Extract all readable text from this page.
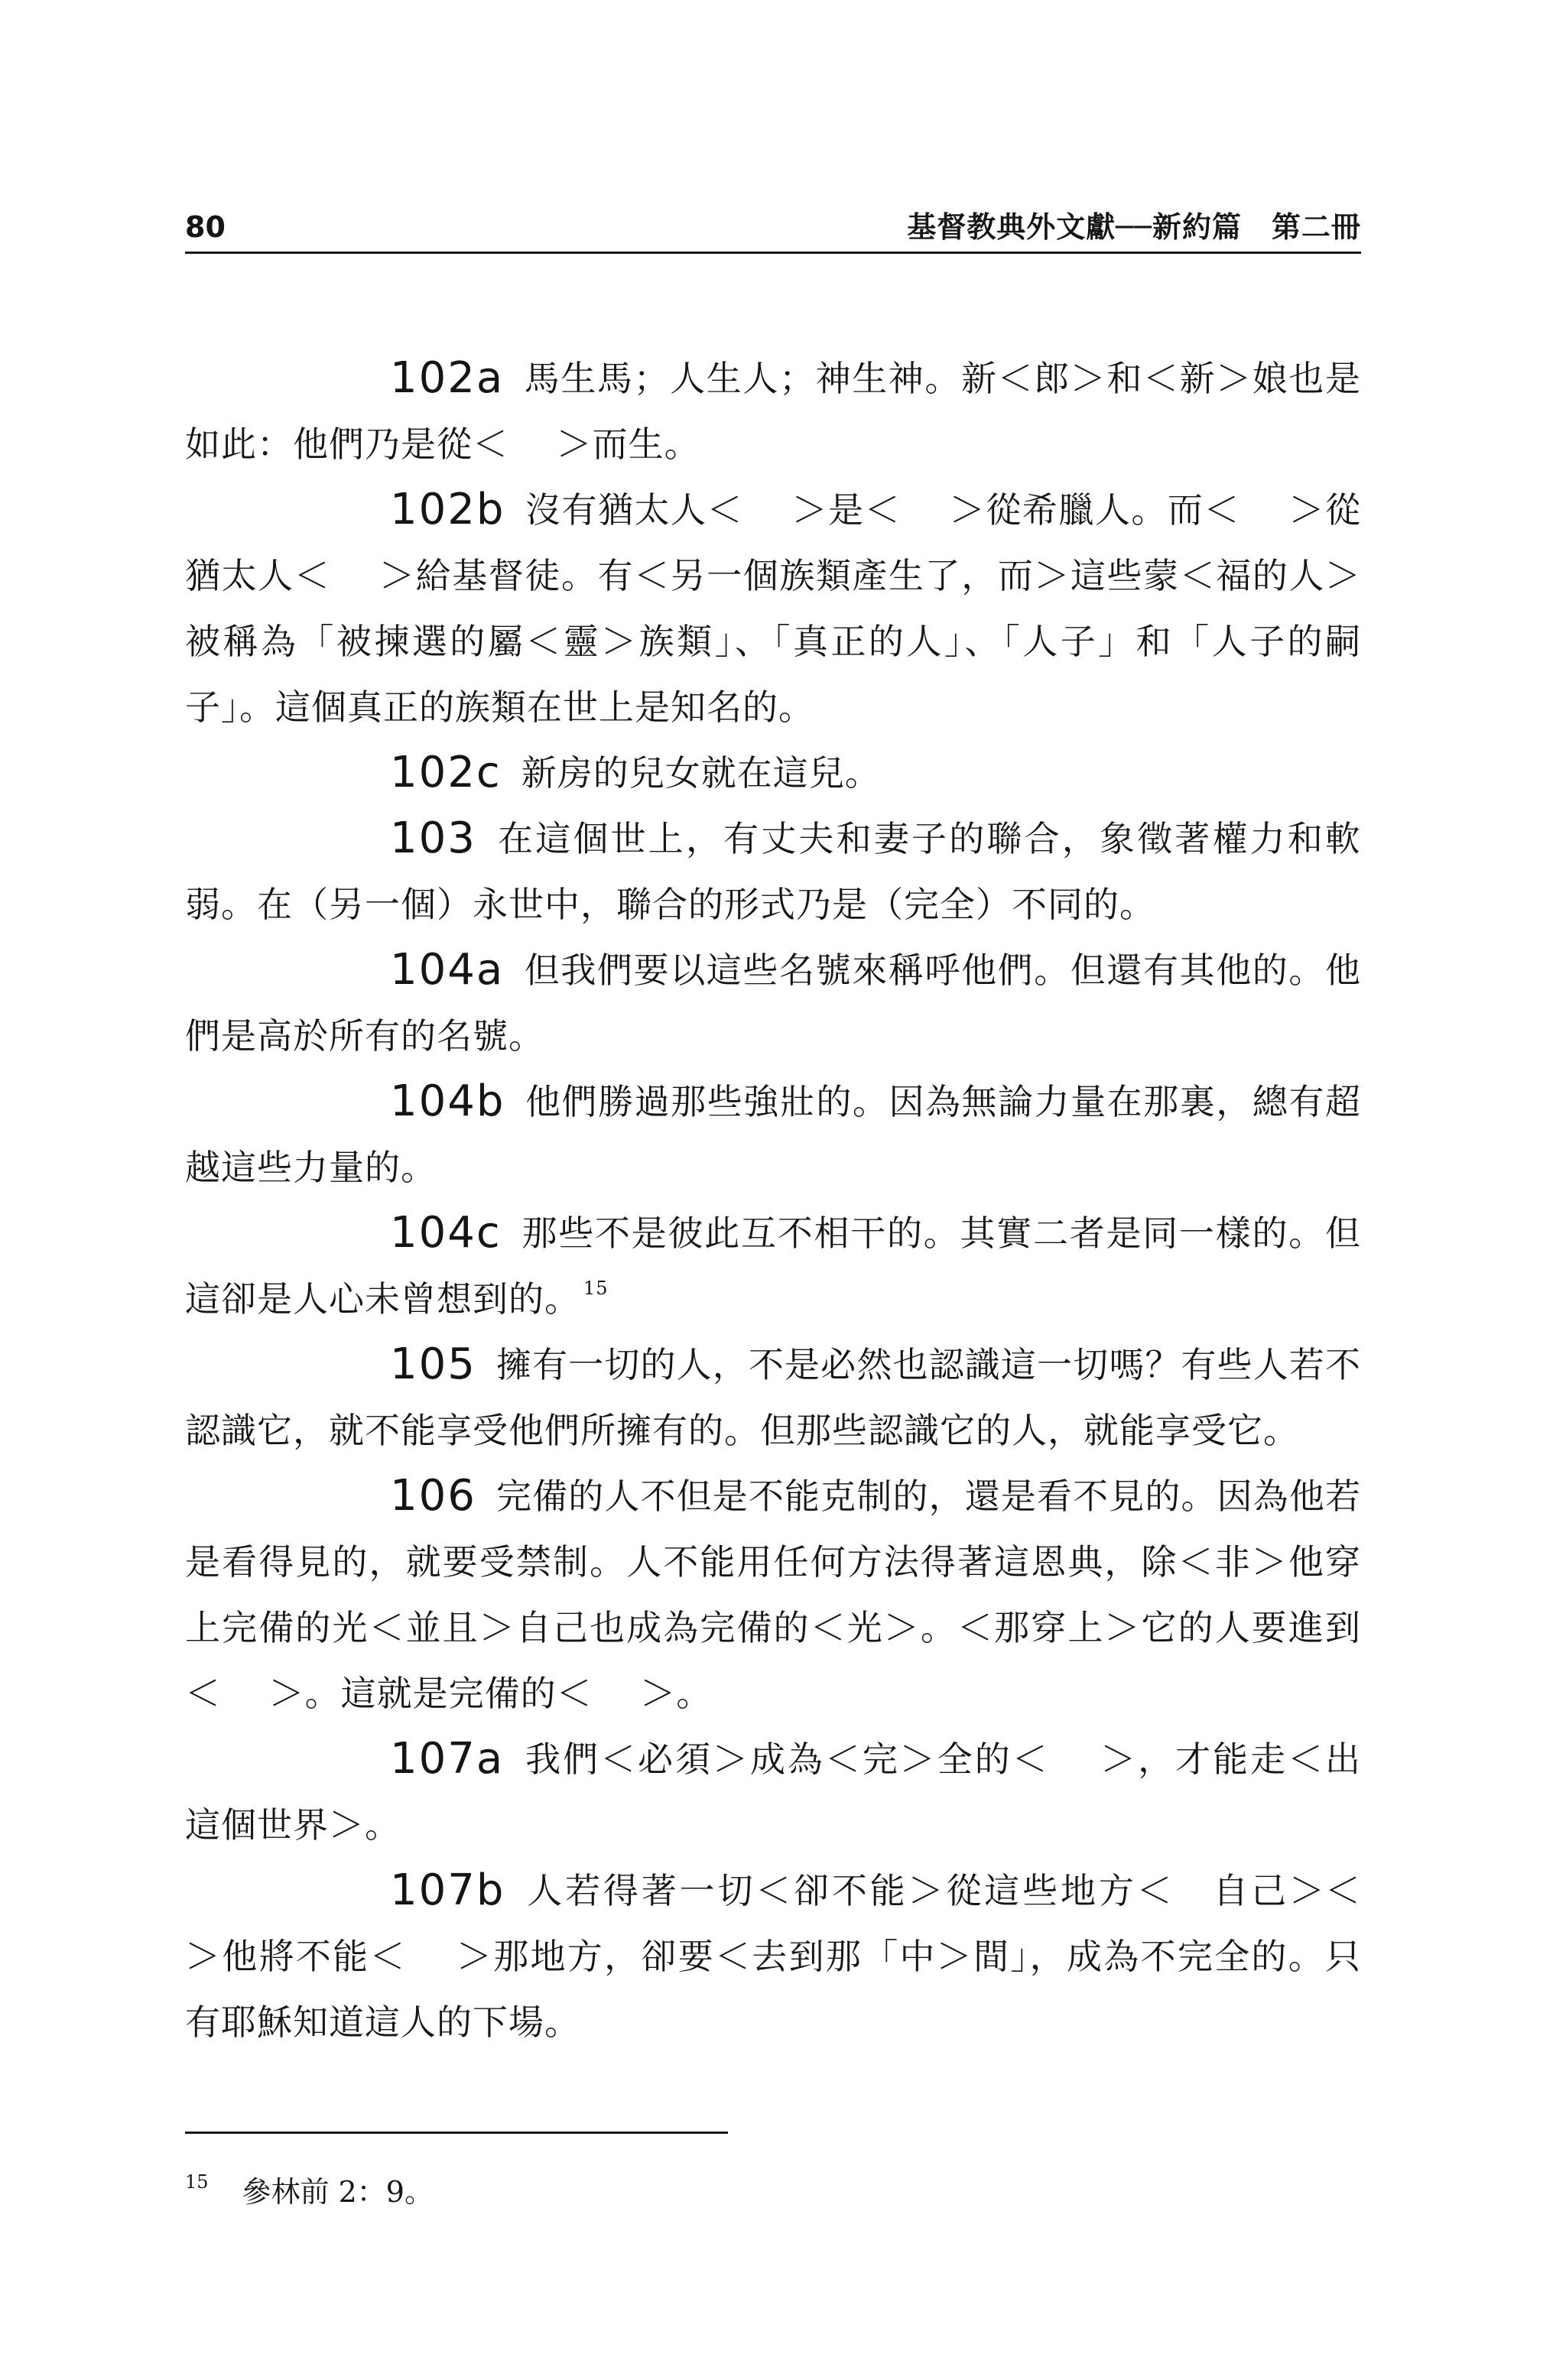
80	基督教典外文獻──新約篇　第二冊

102a 馬生馬；人生人；神生神。新＜郎＞和＜新＞娘也是如此：他們乃是從＜　 ＞而生。

102b 沒有猶太人＜　 ＞是＜　 ＞從希臘人。而＜　 ＞從猶太人＜　 ＞給基督徒。有＜另一個族類產生了，而＞這些蒙＜福的人＞被稱為「被揀選的屬＜靈＞族類」、「真正的人」、「人子」和「人子的嗣子」。這個真正的族類在世上是知名的。

102c 新房的兒女就在這兒。

103 在這個世上，有丈夫和妻子的聯合，象徵著權力和軟弱。在（另一個）永世中，聯合的形式乃是（完全）不同的。

104a 但我們要以這些名號來稱呼他們。但還有其他的。他們是高於所有的名號。

104b 他們勝過那些強壯的。因為無論力量在那裏，總有超越這些力量的。

104c 那些不是彼此互不相干的。其實二者是同一樣的。但這卻是人心未曾想到的。 $^{15}$

105 擁有一切的人，不是必然也認識這一切嗎？有些人若不認識它，就不能享受他們所擁有的。但那些認識它的人，就能享受它。

106 完備的人不但是不能克制的，還是看不見的。因為他若是看得見的，就要受禁制。人不能用任何方法得著這恩典，除＜非＞他穿上完備的光＜並且＞自己也成為完備的＜光＞。＜那穿上＞它的人要進到＜　 ＞。這就是完備的＜　 ＞。

107a 我們＜必須＞成為＜完＞全的＜　 ＞，才能走＜出這個世界＞。

107b 人若得著一切＜卻不能＞從這些地方＜　自己＞＜　 ＞他將不能＜　 ＞那地方，卻要＜去到那「中＞間」，成為不完全的。只有耶穌知道這人的下場。

$^{15}$ 參林前 2：9。
